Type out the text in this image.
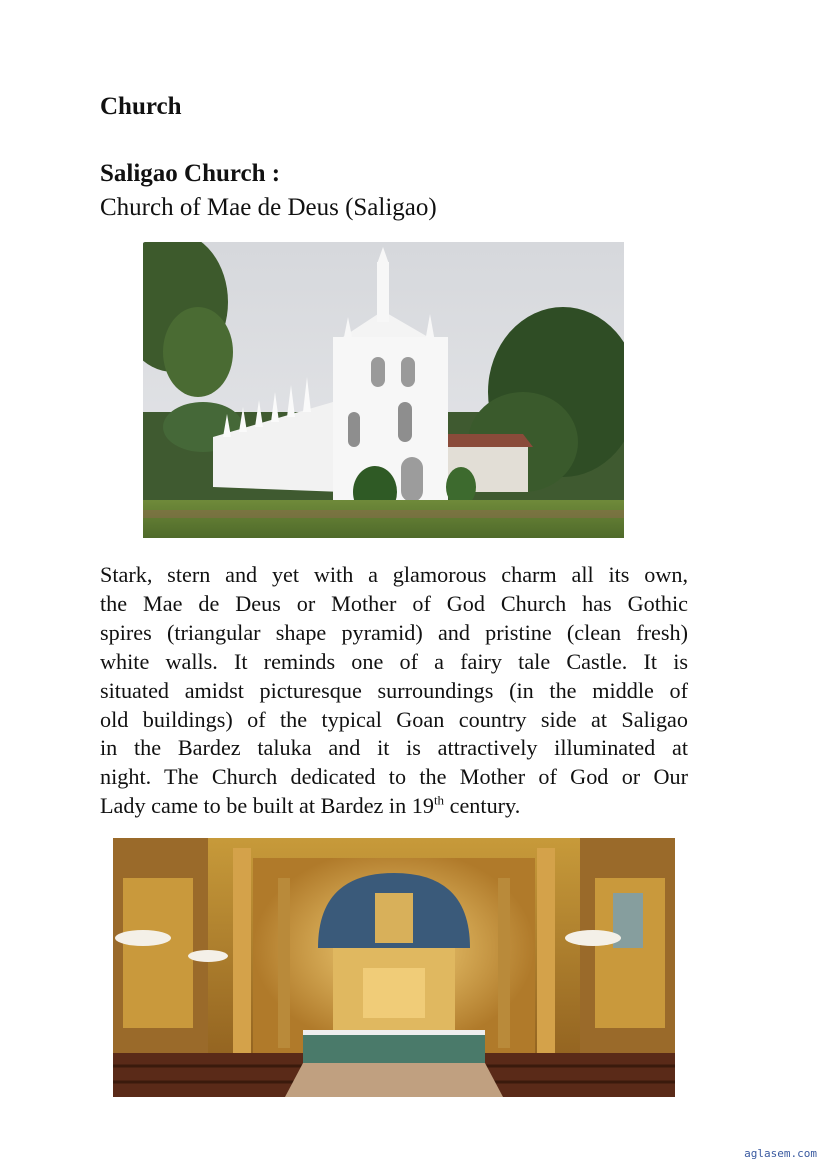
Church
Saligao Church :
Church of Mae de Deus (Saligao)
Stark, stern and yet with a glamorous charm all its own,
the Mae de Deus or Mother of God Church has Gothic
spires (triangular shape pyramid) and pristine (clean fresh)
white walls. It reminds one of a fairy tale Castle. It is
situated amidst picturesque surroundings (in the middle of
old buildings) of the typical Goan country side at Saligao
in the Bardez taluka and it is attractively illuminated at
night. The Church dedicated to the Mother of God or Our
Lady came to be built at Bardez in 19th century.
aglasem.com
